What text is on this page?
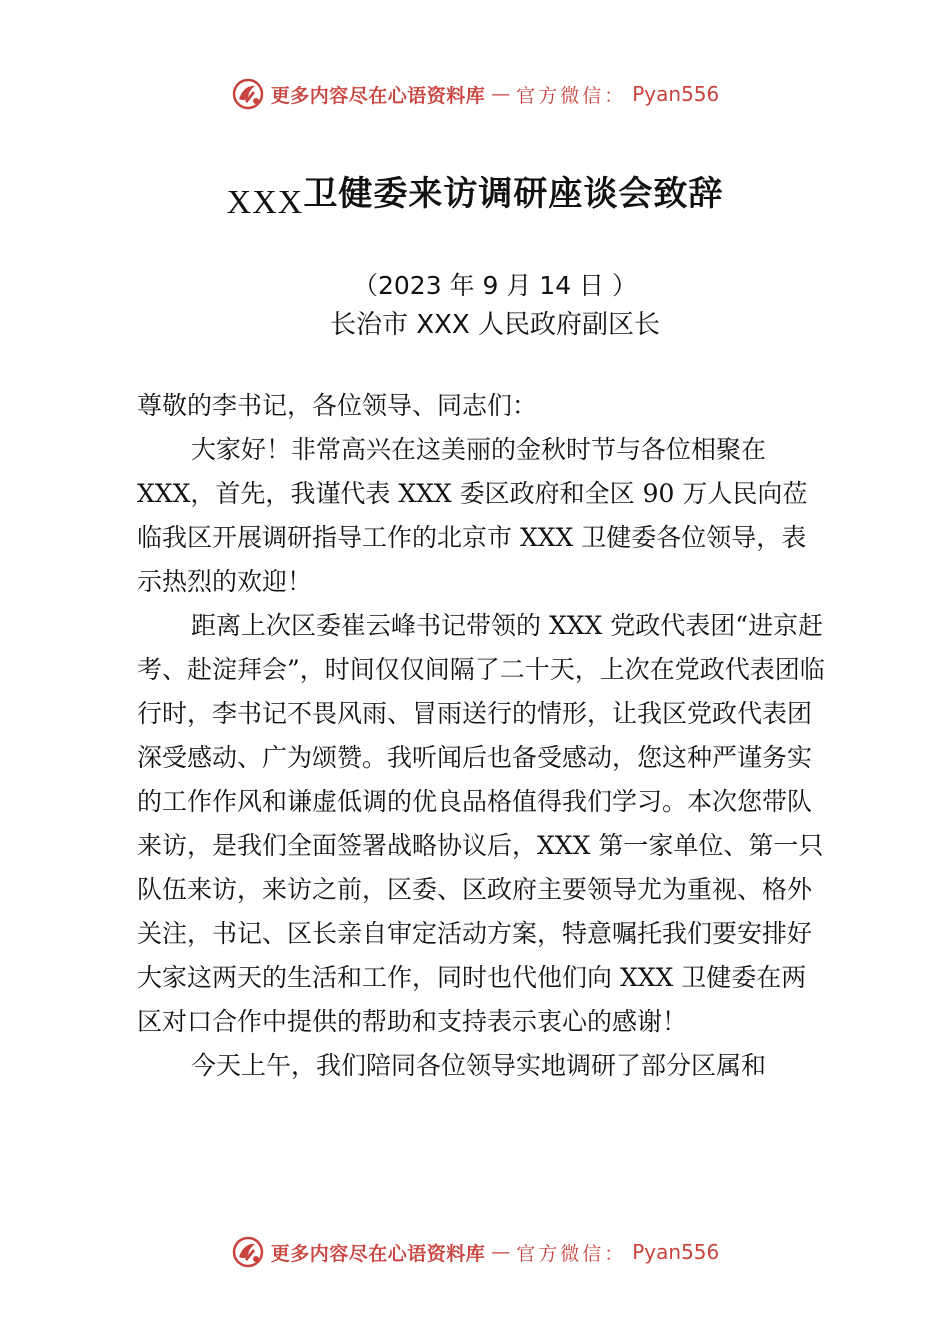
更多内容尽在心语资料库 — 官方微信： Pyan556
XXX卫健委来访调研座谈会致辞
（2023 年 9 月 14 日 ）
长治市 XXX 人民政府副区长

尊敬的李书记，各位领导、同志们：

大家好！非常高兴在这美丽的金秋时节与各位相聚在 XXX，首先，我谨代表 XXX 委区政府和全区 90 万人民向莅临我区开展调研指导工作的北京市 XXX 卫健委各位领导，表示热烈的欢迎！

距离上次区委崔云峰书记带领的 XXX 党政代表团“进京赶考、赴淀拜会”，时间仅仅间隔了二十天，上次在党政代表团临行时，李书记不畏风雨、冒雨送行的情形，让我区党政代表团深受感动、广为颂赞。我听闻后也备受感动，您这种严谨务实的工作作风和谦虚低调的优良品格值得我们学习。本次您带队来访，是我们全面签署战略协议后，XXX 第一家单位、第一只队伍来访，来访之前，区委、区政府主要领导尤为重视、格外关注，书记、区长亲自审定活动方案，特意嘱托我们要安排好大家这两天的生活和工作，同时也代他们向 XXX 卫健委在两区对口合作中提供的帮助和支持表示衷心的感谢！

今天上午，我们陪同各位领导实地调研了部分区属和

更多内容尽在心语资料库 — 官方微信： Pyan556
